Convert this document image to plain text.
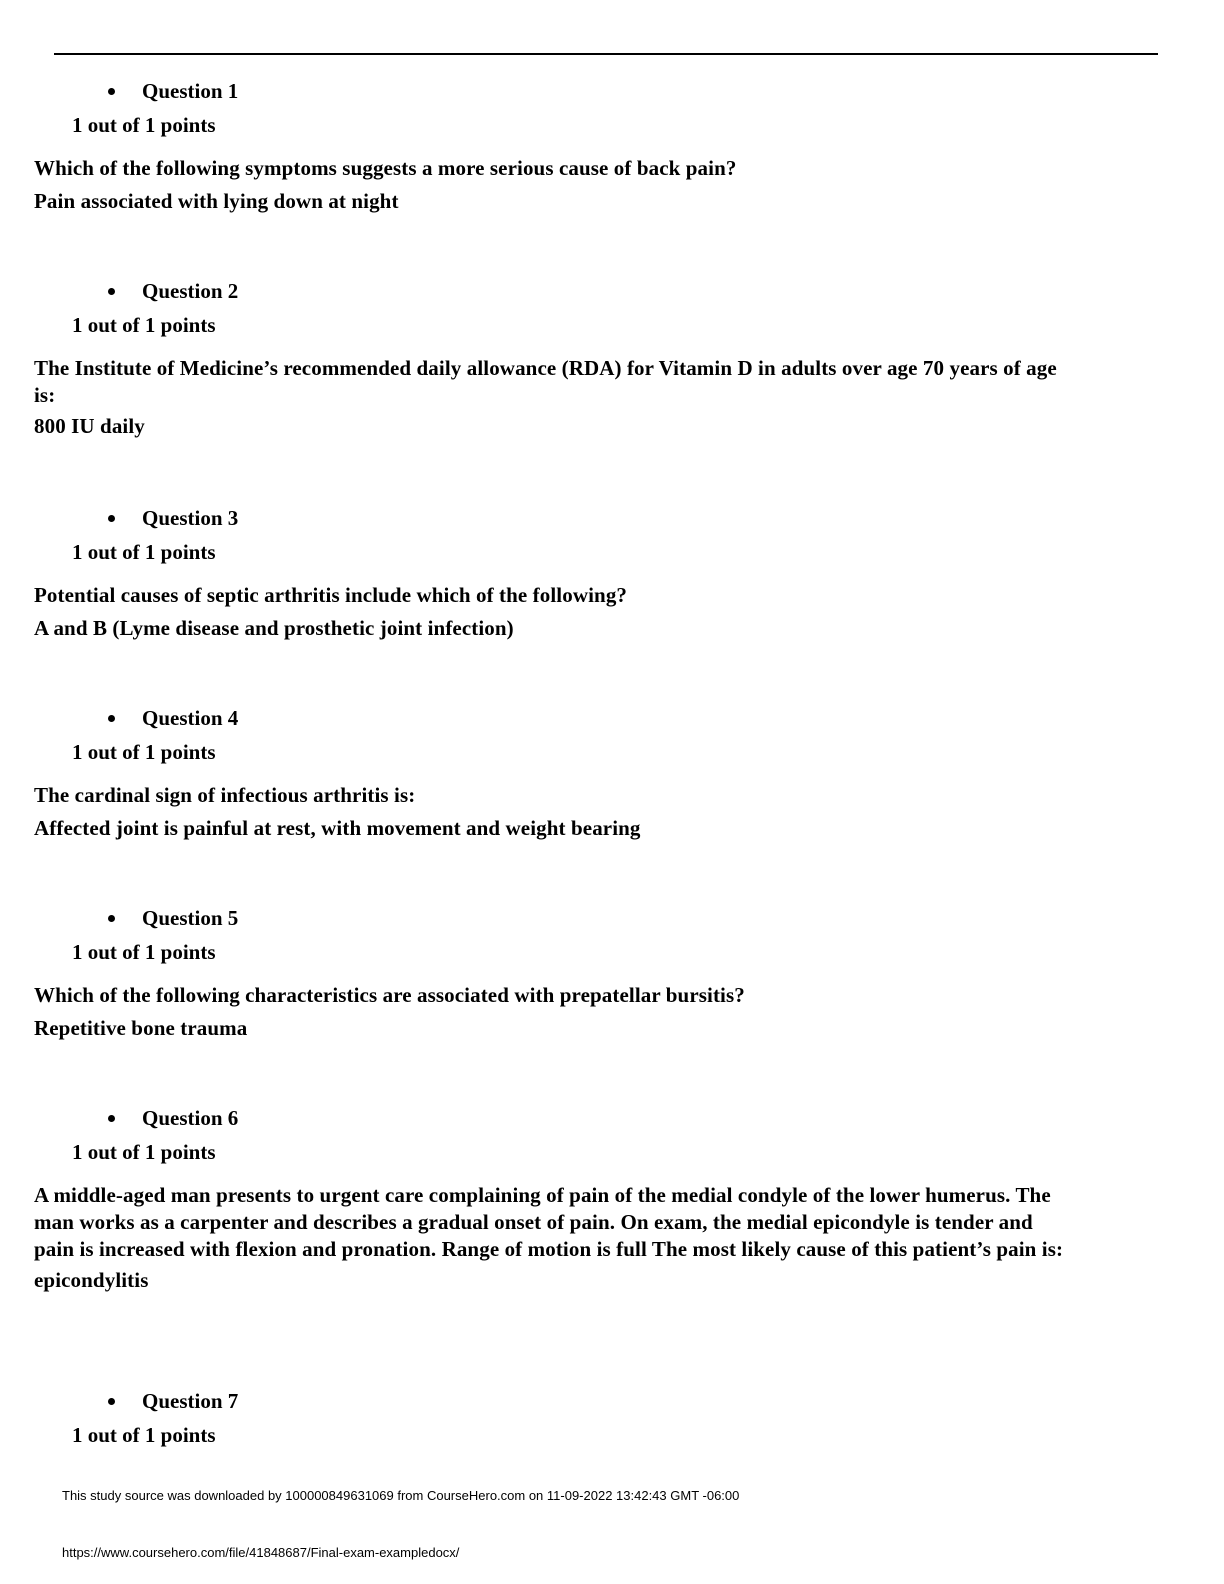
Question 1
1 out of 1 points
Which of the following symptoms suggests a more serious cause of back pain?
Pain associated with lying down at night
Question 2
1 out of 1 points
The Institute of Medicine’s recommended daily allowance (RDA) for Vitamin D in adults over age 70 years of age is:
800 IU daily
Question 3
1 out of 1 points
Potential causes of septic arthritis include which of the following?
A and B (Lyme disease and prosthetic joint infection)
Question 4
1 out of 1 points
The cardinal sign of infectious arthritis is:
Affected joint is painful at rest, with movement and weight bearing
Question 5
1 out of 1 points
Which of the following characteristics are associated with prepatellar bursitis?
Repetitive bone trauma
Question 6
1 out of 1 points
A middle-aged man presents to urgent care complaining of pain of the medial condyle of the lower humerus. The man works as a carpenter and describes a gradual onset of pain. On exam, the medial epicondyle is tender and pain is increased with flexion and pronation. Range of motion is full The most likely cause of this patient’s pain is:
epicondylitis
Question 7
1 out of 1 points
This study source was downloaded by 100000849631069 from CourseHero.com on 11-09-2022 13:42:43 GMT -06:00
https://www.coursehero.com/file/41848687/Final-exam-exampledocx/
